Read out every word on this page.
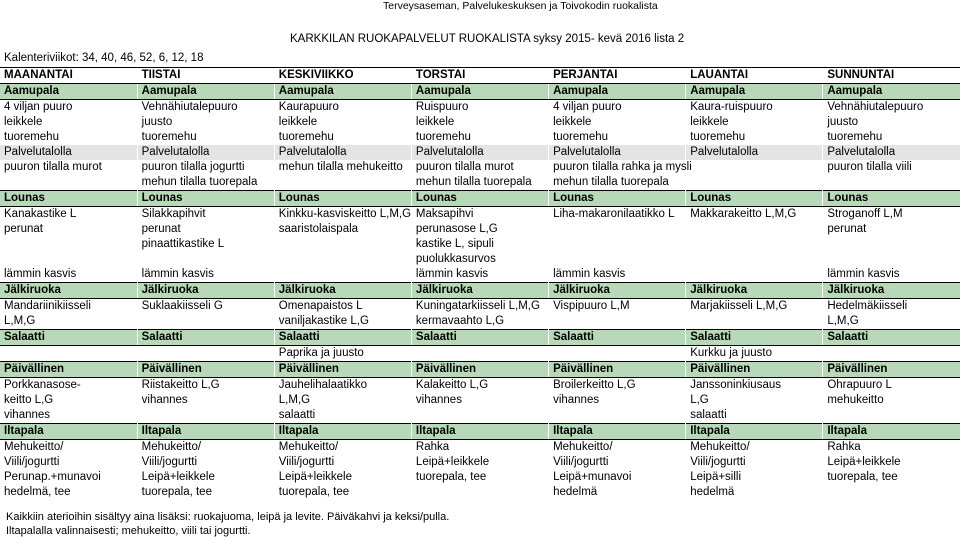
Terveysaseman, Palvelukeskuksen ja Toivokodin ruokalista
KARKKILAN RUOKAPALVELUT RUOKALISTA syksy 2015- kevä 2016 lista 2
Kalenteriviikot: 34, 40, 46, 52, 6, 12, 18
MAANANTAI	TIISTAI	KESKIVIIKKO	TORSTAI	PERJANTAI	LAUANTAI	SUNNUNTAI
Aamupala	Aamupala	Aamupala	Aamupala	Aamupala	Aamupala	Aamupala
4 viljan puuro	Vehnähiutalepuuro	Kaurapuuro	Ruispuuro	4 viljan puuro	Kaura-ruispuuro	Vehnähiutalepuuro
leikkele	juusto	leikkele	leikkele	leikkele	leikkele	juusto
tuoremehu	tuoremehu	tuoremehu	tuoremehu	tuoremehu	tuoremehu	tuoremehu
Palvelutalolla	Palvelutalolla	Palvelutalolla	Palvelutalolla	Palvelutalolla	Palvelutalolla	Palvelutalolla
puuron tilalla murot	puuron tilalla jogurtti	mehun tilalla mehukeitto	puuron tilalla murot	puuron tilalla rahka ja mysli		puuron tilalla viili
	mehun tilalla tuorepala		mehun tilalla tuorepala	mehun tilalla tuorepala		
Lounas	Lounas	Lounas	Lounas	Lounas	Lounas	Lounas
Kanakastike L	Silakkapihvit	Kinkku-kasviskeitto L,M,G	Maksapihvi	Liha-makaronilaatikko L	Makkarakeitto L,M,G	Stroganoff L,M
perunat	perunat	saaristolaispala	perunasose L,G			perunat
	pinaattikastike L		kastike L, sipuli			
			puolukkasurvos			
lämmin kasvis	lämmin kasvis		lämmin kasvis	lämmin kasvis		lämmin kasvis
Jälkiruoka	Jälkiruoka	Jälkiruoka	Jälkiruoka	Jälkiruoka	Jälkiruoka	Jälkiruoka
Mandariinikiisseli	Suklaakiisseli G	Omenapaistos L	Kuningatarkiisseli L,M,G	Vispipuuro L,M	Marjakiisseli L,M,G	Hedelmäkiisseli
L,M,G		vaniljakastike L,G	kermavaahto L,G			L,M,G
Salaatti	Salaatti	Salaatti	Salaatti	Salaatti	Salaatti	Salaatti
		Paprika ja juusto			Kurkku ja juusto	
Päivällinen	Päivällinen	Päivällinen	Päivällinen	Päivällinen	Päivällinen	Päivällinen
Porkkanasose-	Riistakeitto L,G	Jauhelihalaatikko	Kalakeitto L,G	Broilerkeitto L,G	Janssoninkiusaus	Ohrapuuro L
keitto L,G	vihannes	L,M,G	vihannes	vihannes	L,G	mehukeitto
vihannes		salaatti			salaatti	
Iltapala	Iltapala	Iltapala	Iltapala	Iltapala	Iltapala	Iltapala
Mehukeitto/	Mehukeitto/	Mehukeitto/	Rahka	Mehukeitto/	Mehukeitto/	Rahka
Viili/jogurtti	Viili/jogurtti	Viili/jogurtti	Leipä+leikkele	Viili/jogurtti	Viili/jogurtti	Leipä+leikkele
Perunap.+munavoi	Leipä+leikkele	Leipä+leikkele	tuorepala, tee	Leipä+munavoi	Leipä+silli	tuorepala, tee
hedelmä, tee	tuorepala, tee	tuorepala, tee		hedelmä	hedelmä	
Kaikkiin aterioihin sisältyy aina lisäksi: ruokajuoma, leipä ja levite. Päiväkahvi ja keksi/pulla.
Iltapalalla valinnaisesti; mehukeitto, viili tai jogurtti.
